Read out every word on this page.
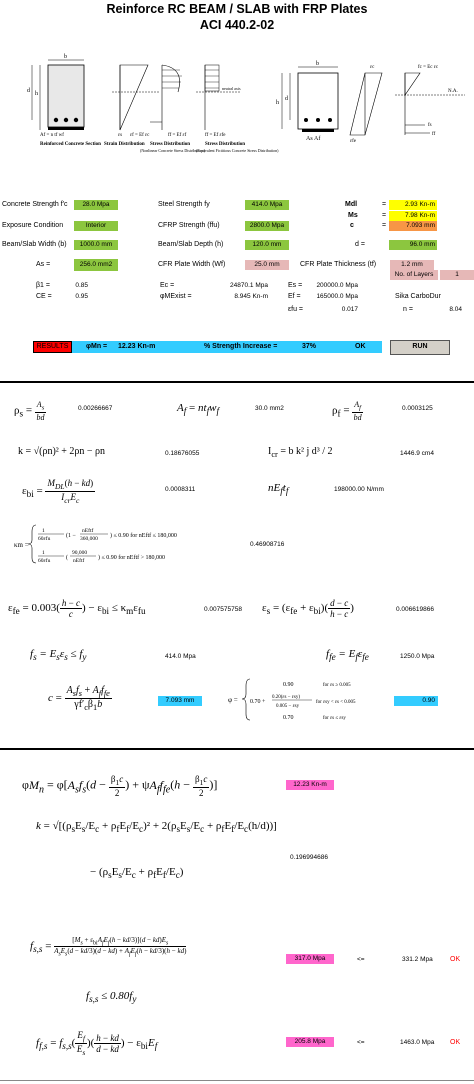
Reinforce RC BEAM / SLAB with FRP Plates
ACI 440.2-02
b
h
d
Af = n tf wf	εs εf = Ef εc	ff = Ef εf
neutral axis
ff = Ef εfe
Reinforced Concrete Section Strain Distribution Stress Distribution
(Nonlinear Concrete Stress Distribution)
Stress Distribution
(Equivalent Fictitious Concrete Stress Distribution)
b
h
d
As Af
εc
εfe
N.A.
fs
ff
fc = Ec εc
Concrete Strength f'c	28.0 Mpa
Exposure Condition	Interior
Beam/Slab Width (b)	1000.0 mm
As =	256.0 mm2
Steel Strength fy	414.0 Mpa
CFRP Strength (ffu)	2800.0 Mpa
Beam/Slab Depth (h)	120.0 mm
CFR Plate Width (Wf)	25.0 mm	CFR Plate Thickness (tf)	1.2 mm
No. of Layers	1
Mdl	=	2.93 Kn-m
Ms	=	7.98 Kn-m
c	=	7.093 mm
d =	96.0 mm
β1 =	0.85
CE =	0.95
Ec =	24870.1 Mpa
φMExist =	8.945 Kn-m
Es =	200000.0 Mpa
Ef =	165000.0 Mpa	Sika CarboDur
εfu =	0.017	n =	8.04
RESULTS	φMn = 12.23 Kn-m	% Strength Increase =	37%	OK	RUN
$\rho_s = \frac{A_s}{bd}$	0.00266667	$A_f = nt_fw_f$	30.0 mm2	$\rho_f = \frac{A_f}{bd}$	0.0003125
k = √(ρn)² + 2ρn − ρn	0.18676055	$I_{cr} = b$ k² j d³ / 2	1446.9 cm4
$\varepsilon_{bi} = \frac{M_{DL}(h - kd)}{I_{cr}E_c}$	0.0008311	$nE_ft_f$	198000.00 N/mm
κm =
1
60εfu	(1 −
nEftf
360,000 ) ≤ 0.90 for nEftf ≤ 180,000
1
60εfu	(
90,000
nEftf ) ≤ 0.90 for nEftf > 180,000
0.46908716
$\varepsilon_{fe} = 0.003( \frac{h - c}{c}$ ) − $\varepsilon_{bi} \le \kappa_m\varepsilon_{fu}$	0.007575758 $\varepsilon_s = (\varepsilon_{fe} + \varepsilon_{bi})( \frac{d - c}{h - c}$ )	0.006619866
$f_s = E_s\varepsilon_s \le f_y$	414.0 Mpa	$f_{fe} = E_f\varepsilon_{fe}$	1250.0 Mpa
$c = \frac{A_sf_s + A_ff_{fe}}{\gamma f'_c\beta_1b}$	7.093 mm	φ =
0.90	for εs ≥ 0.005
0.70 +
0.20(εs − εsy)
0.005 − εsy
for εsy < εs < 0.005
0.70	for εs ≤ εsy
0.90
$\varphi M_n = \varphi[A_sf_s(d - \frac{\beta_1c}{2}$ ) + $\psi A_ff_{fe}(h - \frac{\beta_1c}{2}$ )]	12.23 Kn-m
$k = √[(\rho_sE_s/E_c + \rho_fE_f/E_c)^2 + 2(\rho_sE_s/E_c + \rho_fE_f/E_c(h/d))]$
− $(\rho_sE_s/E_c + \rho_fE_f/E_c)$
0.196994686
$f_{s,s} = \frac{[M_s + \varepsilon_{bi}A_fE_f(h - kd/3)](d - kd)E_s}{A_sE_s(d - kd/3)(d - kd) + A_fE_f(h - kd/3)(h - kd)}$
317.0 Mpa	<=	331.2 Mpa OK
$f_{s,s} \le 0.80f_y$
$f_{f,s} = f_{s,s}( \frac{E_f}{E_s}$ )( $\frac{h - kd}{d - kd}$ ) − $\varepsilon_{bi}E_f$	205.8 Mpa	<=	1463.0 Mpa OK
